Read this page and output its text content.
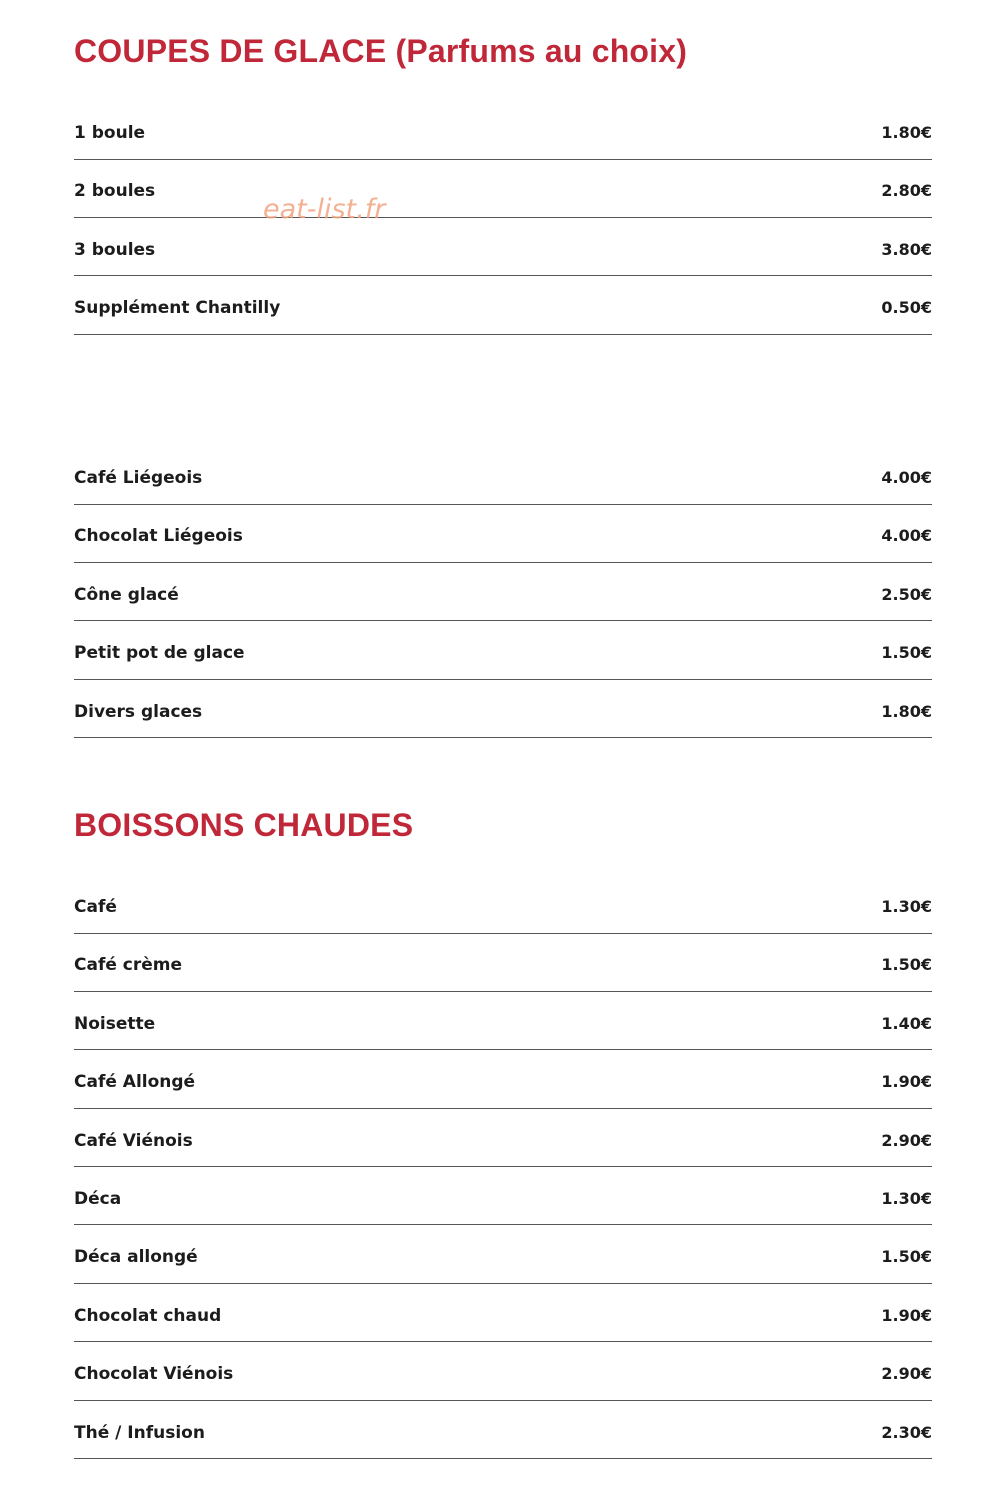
COUPES DE GLACE (Parfums au choix)
1 boule	1.80€
2 boules	2.80€
3 boules	3.80€
Supplément Chantilly	0.50€
Café Liégeois	4.00€
Chocolat Liégeois	4.00€
Cône glacé	2.50€
Petit pot de glace	1.50€
Divers glaces	1.80€
BOISSONS CHAUDES
Café	1.30€
Café crème	1.50€
Noisette	1.40€
Café Allongé	1.90€
Café Viénois	2.90€
Déca	1.30€
Déca allongé	1.50€
Chocolat chaud	1.90€
Chocolat Viénois	2.90€
Thé / Infusion	2.30€
eat-list.fr
